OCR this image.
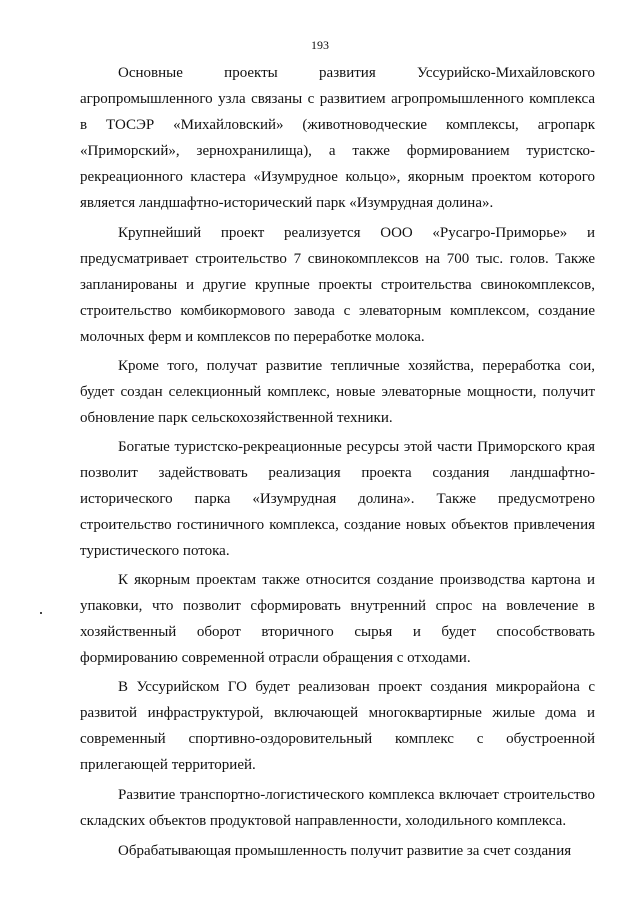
193

Основные проекты развития Уссурийско-Михайловского агропромышленного узла связаны с развитием агропромышленного комплекса в ТОСЭР «Михайловский» (животноводческие комплексы, агропарк «Приморский», зернохранилища), а также формированием туристско-рекреационного кластера «Изумрудное кольцо», якорным проектом которого является ландшафтно-исторический парк «Изумрудная долина».

Крупнейший проект реализуется ООО «Русагро-Приморье» и предусматривает строительство 7 свинокомплексов на 700 тыс. голов. Также запланированы и другие крупные проекты строительства свинокомплексов, строительство комбикормового завода с элеваторным комплексом, создание молочных ферм и комплексов по переработке молока.

Кроме того, получат развитие тепличные хозяйства, переработка сои, будет создан селекционный комплекс, новые элеваторные мощности, получит обновление парк сельскохозяйственной техники.

Богатые туристско-рекреационные ресурсы этой части Приморского края позволит задействовать реализация проекта создания ландшафтно-исторического парка «Изумрудная долина». Также предусмотрено строительство гостиничного комплекса, создание новых объектов привлечения туристического потока.

К якорным проектам также относится создание производства картона и упаковки, что позволит сформировать внутренний спрос на вовлечение в хозяйственный оборот вторичного сырья и будет способствовать формированию современной отрасли обращения с отходами.

В Уссурийском ГО будет реализован проект создания микрорайона с развитой инфраструктурой, включающей многоквартирные жилые дома и современный спортивно-оздоровительный комплекс с обустроенной прилегающей территорией.

Развитие транспортно-логистического комплекса включает строительство складских объектов продуктовой направленности, холодильного комплекса.

Обрабатывающая промышленность получит развитие за счет создания
